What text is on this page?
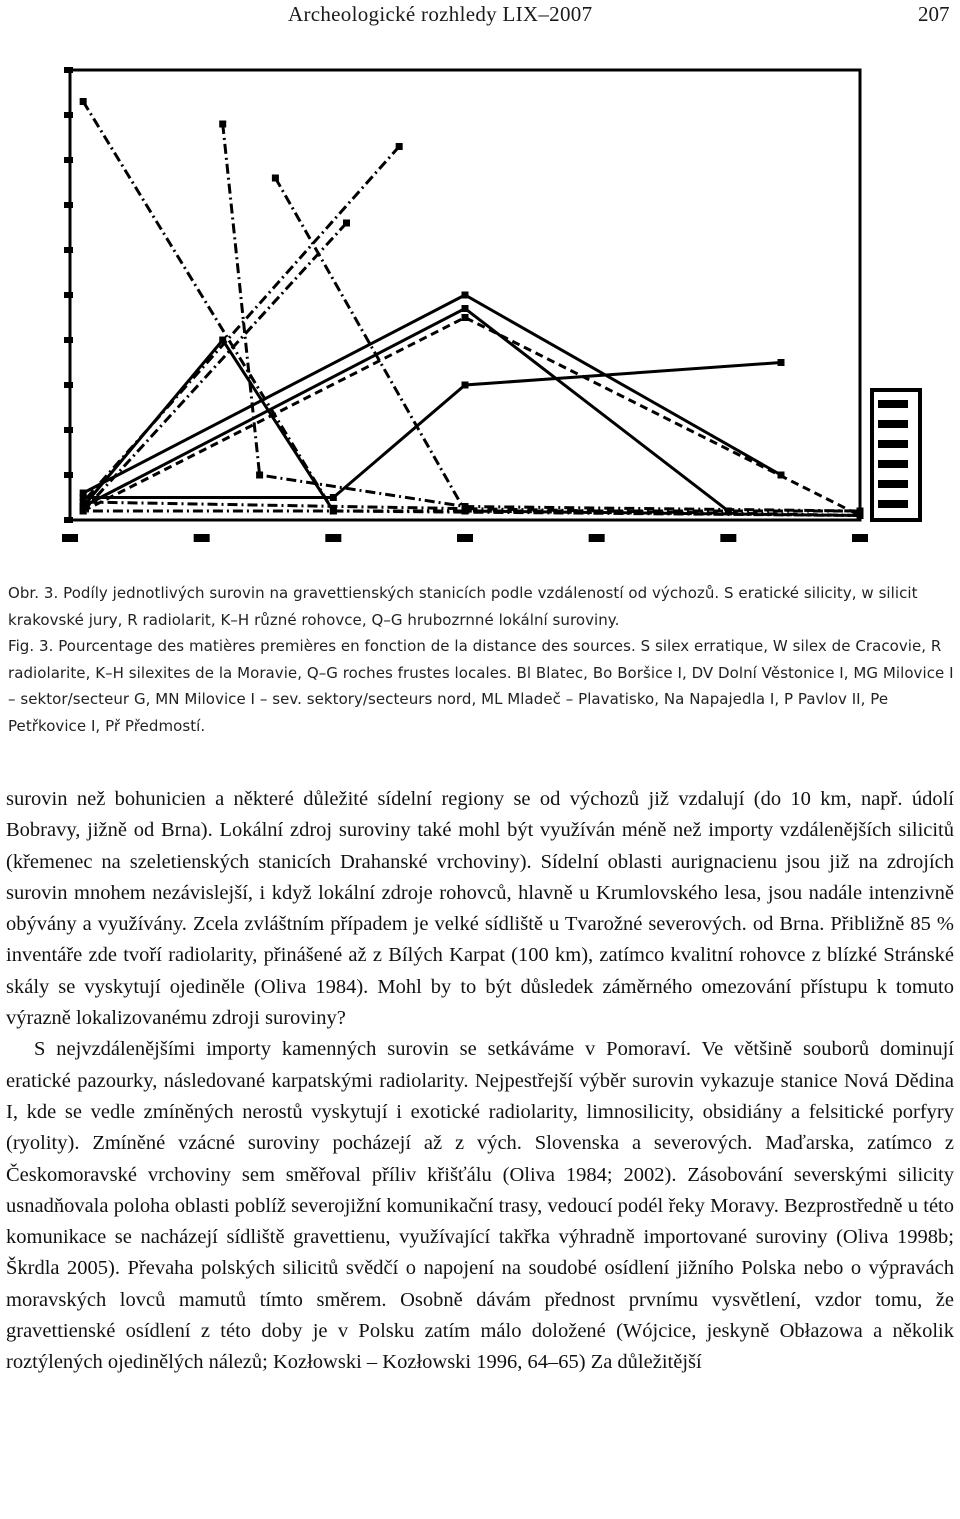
Archeologické rozhledy LIX–2007	207

Obr. 3. Podíly jednotlivých surovin na gravettienských stanicích podle vzdáleností od výchozů. S eratické silicity, w silicit krakovské jury, R radiolarit, K–H různé rohovce, Q–G hrubozrnné lokální suroviny.

Fig. 3. Pourcentage des matières premières en fonction de la distance des sources. S silex erratique, W silex de Cracovie, R radiolarite, K–H silexites de la Moravie, Q–G roches frustes locales. Bl Blatec, Bo Boršice I, DV Dolní Věstonice I, MG Milovice I – sektor/secteur G, MN Milovice I – sev. sektory/secteurs nord, ML Mladeč – Plavatisko, Na Napajedla I, P Pavlov II, Pe Petřkovice I, Př Předmostí.

surovin než bohunicien a některé důležité sídelní regiony se od výchozů již vzdalují (do 10 km, např. údolí Bobravy, jižně od Brna). Lokální zdroj suroviny také mohl být využíván méně než importy vzdálenějších silicitů (křemenec na szeletienských stanicích Drahanské vrchoviny). Sídelní oblasti aurignacienu jsou již na zdrojích surovin mnohem nezávislejší, i když lokální zdroje rohovců, hlavně u Krumlovského lesa, jsou nadále intenzivně obývány a využívány. Zcela zvláštním případem je velké sídliště u Tvarožné severových. od Brna. Přibližně 85 % inventáře zde tvoří radiolarity, přinášené až z Bílých Karpat (100 km), zatímco kvalitní rohovce z blízké Stránské skály se vyskytují ojediněle (Oliva 1984). Mohl by to být důsledek záměrného omezování přístupu k tomuto výrazně lokalizovanému zdroji suroviny?

S nejvzdálenějšími importy kamenných surovin se setkáváme v Pomoraví. Ve většině souborů dominují eratické pazourky, následované karpatskými radiolarity. Nejpestřejší výběr surovin vykazuje stanice Nová Dědina I, kde se vedle zmíněných nerostů vyskytují i exotické radiolarity, limnosilicity, obsidiány a felsitické porfyry (ryolity). Zmíněné vzácné suroviny pocházejí až z vých. Slovenska a severových. Maďarska, zatímco z Českomoravské vrchoviny sem směřoval příliv křišťálu (Oliva 1984; 2002). Zásobování severskými silicity usnadňovala poloha oblasti poblíž severojižní komunikační trasy, vedoucí podél řeky Moravy. Bezprostředně u této komunikace se nacházejí sídliště gravettienu, využívající takřka výhradně importované suroviny (Oliva 1998b; Škrdla 2005). Převaha polských silicitů svědčí o napojení na soudobé osídlení jižního Polska nebo o výpravách moravských lovců mamutů tímto směrem. Osobně dávám přednost prvnímu vysvětlení, vzdor tomu, že gravettienské osídlení z této doby je v Polsku zatím málo doložené (Wójcice, jeskyně Obłazowa a několik roztýlených ojedinělých nálezů; Kozłowski – Kozłowski 1996, 64–65) Za důležitější
